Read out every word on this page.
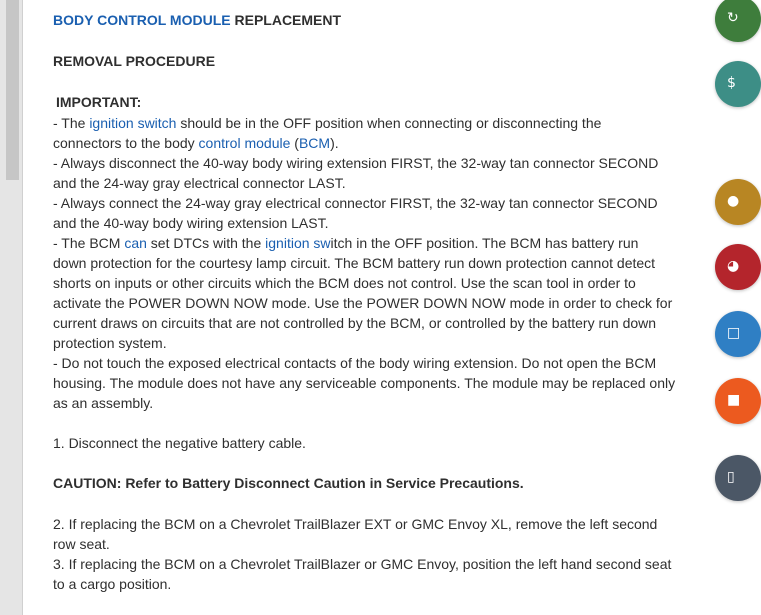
BODY CONTROL MODULE REPLACEMENT
REMOVAL PROCEDURE
IMPORTANT:
- The ignition switch should be in the OFF position when connecting or disconnecting the
connectors to the body control module (BCM).
- Always disconnect the 40-way body wiring extension FIRST, the 32-way tan connector SECOND
and the 24-way gray electrical connector LAST.
- Always connect the 24-way gray electrical connector FIRST, the 32-way tan connector SECOND
and the 40-way body wiring extension LAST.
- The BCM can set DTCs with the ignition switch in the OFF position. The BCM has battery run
down protection for the courtesy lamp circuit. The BCM battery run down protection cannot detect
shorts on inputs or other circuits which the BCM does not control. Use the scan tool in order to
activate the POWER DOWN NOW mode. Use the POWER DOWN NOW mode in order to check for
current draws on circuits that are not controlled by the BCM, or controlled by the battery run down
protection system.
- Do not touch the exposed electrical contacts of the body wiring extension. Do not open the BCM
housing. The module does not have any serviceable components. The module may be replaced only
as an assembly.
1. Disconnect the negative battery cable.
CAUTION: Refer to Battery Disconnect Caution in Service Precautions.
2. If replacing the BCM on a Chevrolet TrailBlazer EXT or GMC Envoy XL, remove the left second
row seat.
3. If replacing the BCM on a Chevrolet TrailBlazer or GMC Envoy, position the left hand second seat
to a cargo position.
↻
$
●
◕
□
■
▯
